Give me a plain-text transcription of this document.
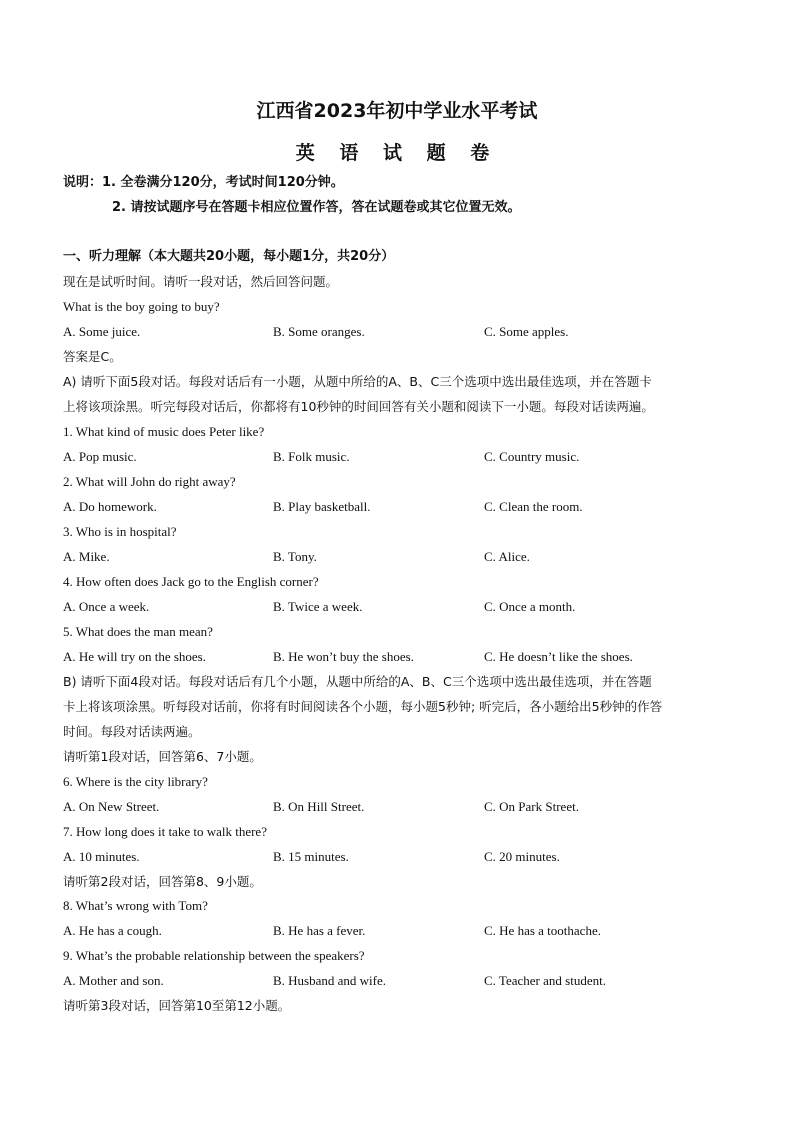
江西省2023年初中学业水平考试
英 语 试 题 卷
说明：1. 全卷满分120分，考试时间120分钟。
2. 请按试题序号在答题卡相应位置作答，答在试题卷或其它位置无效。
一、听力理解（本大题共20小题，每小题1分，共20分）
现在是试听时间。请听一段对话，然后回答问题。
What is the boy going to buy?
A. Some juice.	B. Some oranges.	C. Some apples.
答案是C。
A) 请听下面5段对话。每段对话后有一小题，从题中所给的A、B、C三个选项中选出最佳选项，并在答题卡
上将该项涂黑。听完每段对话后，你都将有10秒钟的时间回答有关小题和阅读下一小题。每段对话读两遍。
1. What kind of music does Peter like?
A. Pop music.	B. Folk music.	C. Country music.
2. What will John do right away?
A. Do homework.	B. Play basketball.	C. Clean the room.
3. Who is in hospital?
A. Mike.	B. Tony.	C. Alice.
4. How often does Jack go to the English corner?
A. Once a week.	B. Twice a week.	C. Once a month.
5. What does the man mean?
A. He will try on the shoes.	B. He won’t buy the shoes.	C. He doesn’t like the shoes.
B) 请听下面4段对话。每段对话后有几个小题，从题中所给的A、B、C三个选项中选出最佳选项，并在答题
卡上将该项涂黑。听每段对话前，你将有时间阅读各个小题，每小题5秒钟; 听完后，各小题给出5秒钟的作答
时间。每段对话读两遍。
请听第1段对话，回答第6、7小题。
6. Where is the city library?
A. On New Street.	B. On Hill Street.	C. On Park Street.
7. How long does it take to walk there?
A. 10 minutes.	B. 15 minutes.	C. 20 minutes.
请听第2段对话，回答第8、9小题。
8. What’s wrong with Tom?
A. He has a cough.	B. He has a fever.	C. He has a toothache.
9. What’s the probable relationship between the speakers?
A. Mother and son.	B. Husband and wife.	C. Teacher and student.
请听第3段对话，回答第10至第12小题。
